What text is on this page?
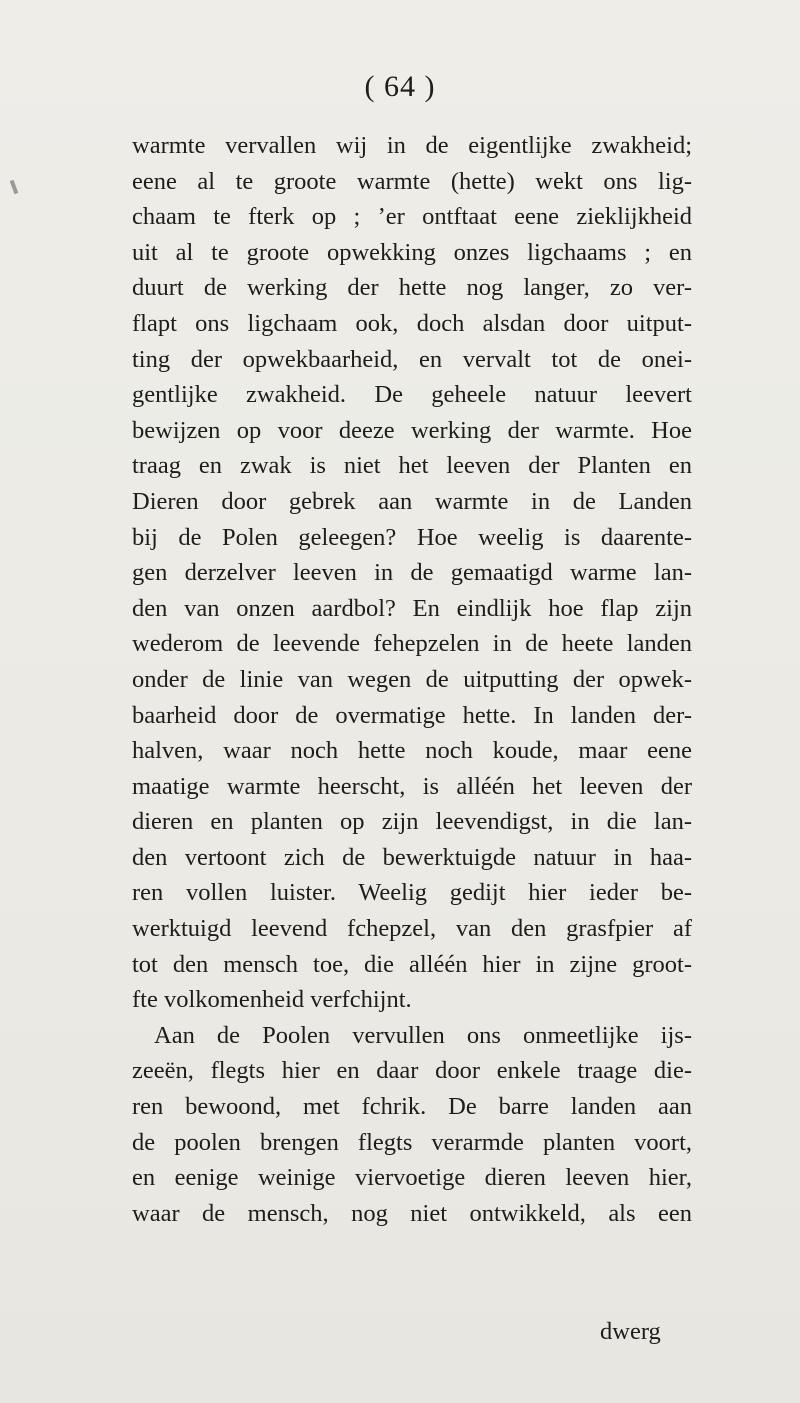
( 64 )
warmte vervallen wij in de eigentlijke zwakheid;
eene al te groote warmte (hette) wekt ons lig-
chaam te fterk op ; ’er ontftaat eene zieklijkheid
uit al te groote opwekking onzes ligchaams ; en
duurt de werking der hette nog langer, zo ver-
flapt ons ligchaam ook, doch alsdan door uitput-
ting der opwekbaarheid, en vervalt tot de onei-
gentlijke zwakheid. De geheele natuur leevert
bewijzen op voor deeze werking der warmte. Hoe
traag en zwak is niet het leeven der Planten en
Dieren door gebrek aan warmte in de Landen
bij de Polen geleegen? Hoe weelig is daarente-
gen derzelver leeven in de gemaatigd warme lan-
den van onzen aardbol? En eindlijk hoe flap zijn
wederom de leevende fehepzelen in de heete landen
onder de linie van wegen de uitputting der opwek-
baarheid door de overmatige hette. In landen der-
halven, waar noch hette noch koude, maar eene
maatige warmte heerscht, is alléén het leeven der
dieren en planten op zijn leevendigst, in die lan-
den vertoont zich de bewerktuigde natuur in haa-
ren vollen luister. Weelig gedijt hier ieder be-
werktuigd leevend fchepzel, van den grasfpier af
tot den mensch toe, die alléén hier in zijne groot-
fte volkomenheid verfchijnt.
Aan de Poolen vervullen ons onmeetlijke ijs-
zeeën, flegts hier en daar door enkele traage die-
ren bewoond, met fchrik. De barre landen aan
de poolen brengen flegts verarmde planten voort,
en eenige weinige viervoetige dieren leeven hier,
waar de mensch, nog niet ontwikkeld, als een
dwerg
